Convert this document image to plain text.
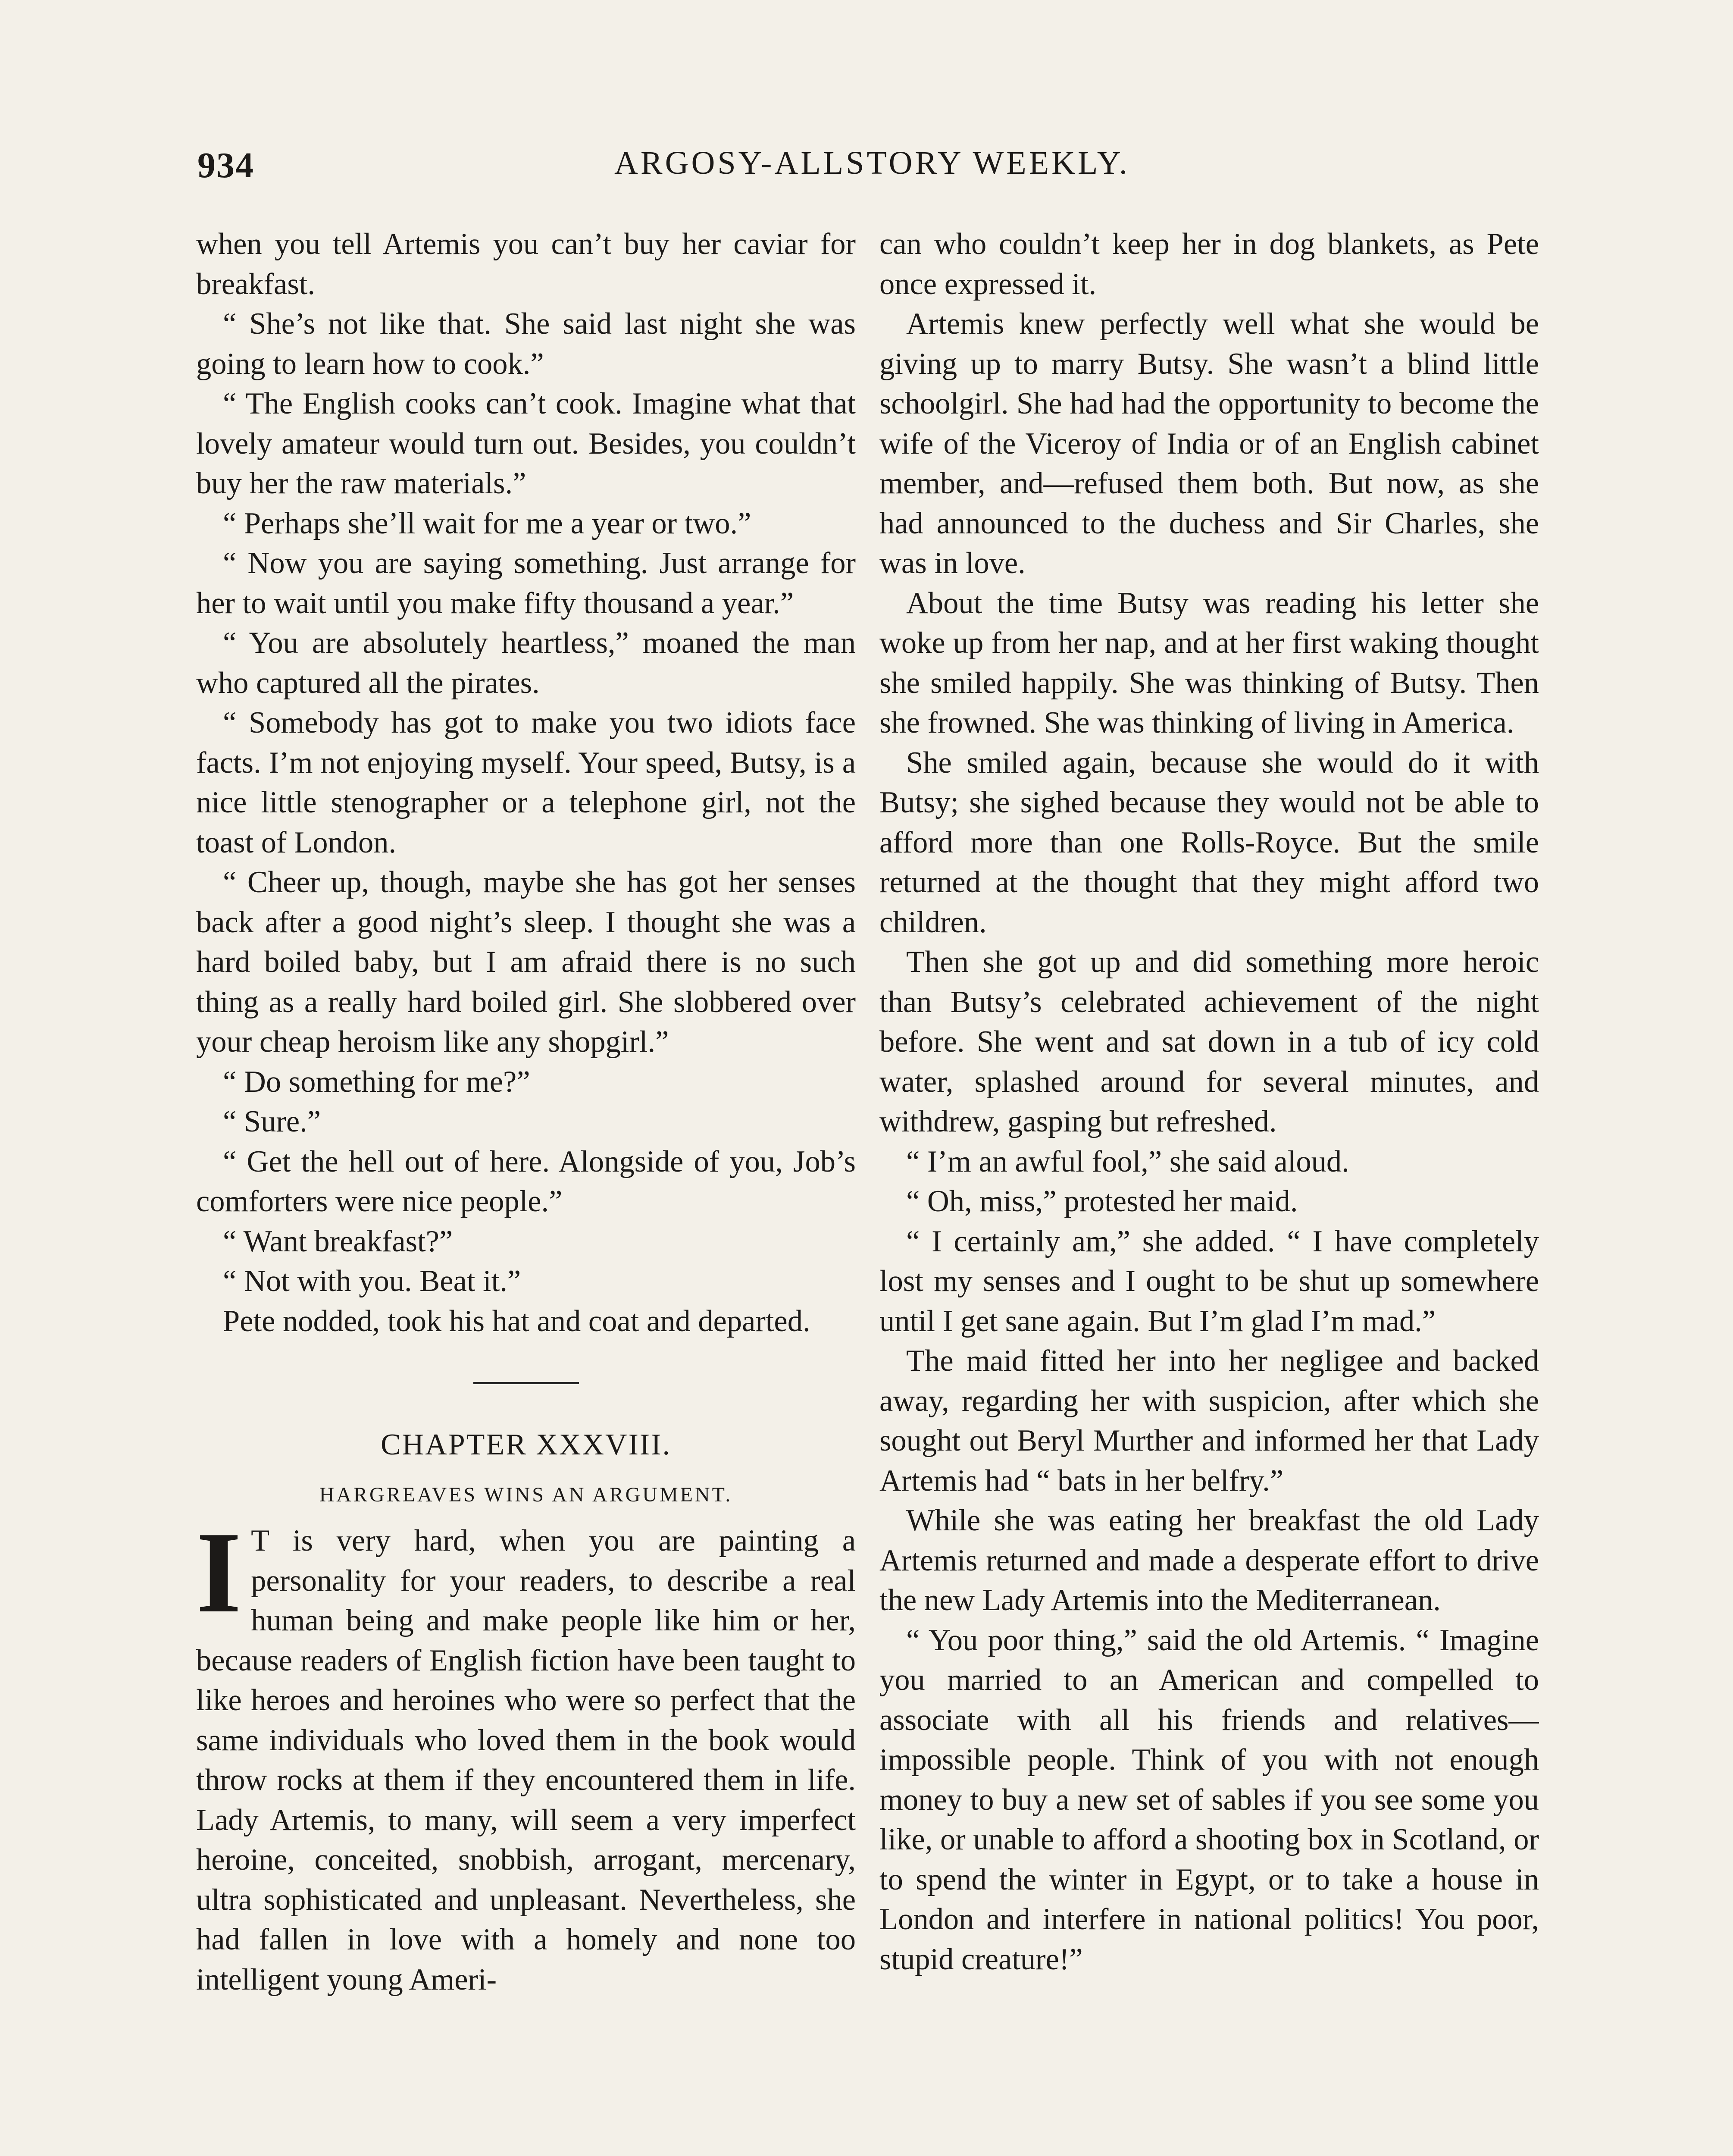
934	ARGOSY-ALLSTORY WEEKLY.

when you tell Artemis you can’t buy her caviar for breakfast.

“ She’s not like that. She said last night she was going to learn how to cook.”

“ The English cooks can’t cook. Imagine what that lovely amateur would turn out. Besides, you couldn’t buy her the raw materials.”

“ Perhaps she’ll wait for me a year or two.”

“ Now you are saying something. Just arrange for her to wait until you make fifty thousand a year.”

“ You are absolutely heartless,” moaned the man who captured all the pirates.

“ Somebody has got to make you two idiots face facts. I’m not enjoying myself. Your speed, Butsy, is a nice little stenographer or a telephone girl, not the toast of London.

“ Cheer up, though, maybe she has got her senses back after a good night’s sleep. I thought she was a hard boiled baby, but I am afraid there is no such thing as a really hard boiled girl. She slobbered over your cheap heroism like any shopgirl.”

“ Do something for me?”

“ Sure.”

“ Get the hell out of here. Alongside of you, Job’s comforters were nice people.”

“ Want breakfast?”

“ Not with you. Beat it.”

Pete nodded, took his hat and coat and departed.

CHAPTER XXXVIII.
HARGREAVES WINS AN ARGUMENT.

I T is very hard, when you are painting a personality for your readers, to describe a real human being and make people like him or her, because readers of English fiction have been taught to like heroes and heroines who were so perfect that the same individuals who loved them in the book would throw rocks at them if they encountered them in life. Lady Artemis, to many, will seem a very imperfect heroine, conceited, snobbish, arrogant, mercenary, ultra sophisticated and unpleasant. Nevertheless, she had fallen in love with a homely and none too intelligent young Ameri-

can who couldn’t keep her in dog blankets, as Pete once expressed it.

Artemis knew perfectly well what she would be giving up to marry Butsy. She wasn’t a blind little schoolgirl. She had had the opportunity to become the wife of the Viceroy of India or of an English cabinet member, and—refused them both. But now, as she had announced to the duchess and Sir Charles, she was in love.

About the time Butsy was reading his letter she woke up from her nap, and at her first waking thought she smiled happily. She was thinking of Butsy. Then she frowned. She was thinking of living in America.

She smiled again, because she would do it with Butsy; she sighed because they would not be able to afford more than one Rolls-Royce. But the smile returned at the thought that they might afford two children.

Then she got up and did something more heroic than Butsy’s celebrated achievement of the night before. She went and sat down in a tub of icy cold water, splashed around for several minutes, and withdrew, gasping but refreshed.

“ I’m an awful fool,” she said aloud.

“ Oh, miss,” protested her maid.

“ I certainly am,” she added. “ I have completely lost my senses and I ought to be shut up somewhere until I get sane again. But I’m glad I’m mad.”

The maid fitted her into her negligee and backed away, regarding her with suspicion, after which she sought out Beryl Murther and informed her that Lady Artemis had “ bats in her belfry.”

While she was eating her breakfast the old Lady Artemis returned and made a desperate effort to drive the new Lady Artemis into the Mediterranean.

“ You poor thing,” said the old Artemis. “ Imagine you married to an American and compelled to associate with all his friends and relatives—impossible people. Think of you with not enough money to buy a new set of sables if you see some you like, or unable to afford a shooting box in Scotland, or to spend the winter in Egypt, or to take a house in London and interfere in national politics! You poor, stupid creature!”
